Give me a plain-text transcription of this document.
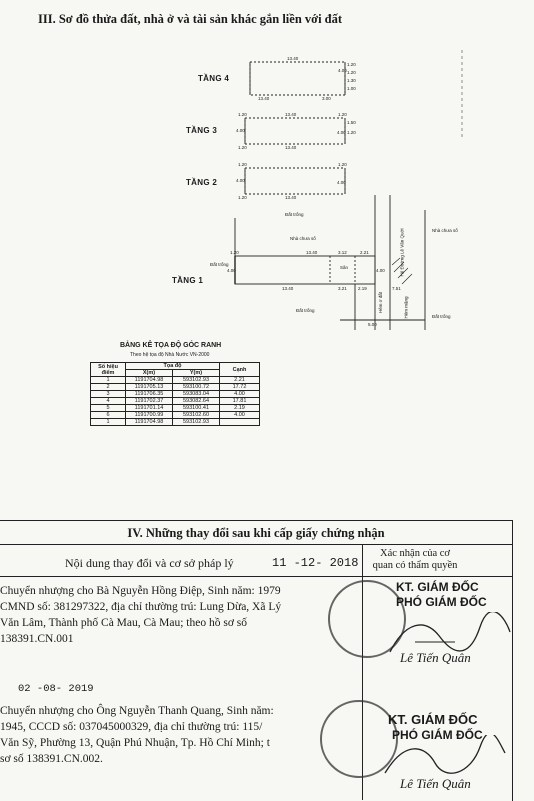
III. Sơ đồ thửa đất, nhà ở và tài sản khác gắn liền với đất
TẦNG 4
TẦNG 3
TẦNG 2
TẦNG 1
13.40
13.40	3.00
4.00
1.20
1.20
1.30
1.00
13.40	1.20
13.40
1.20
1.20
4.00	4.00
1.50
1.20
1.20
13.40
1.20
1.20
4.00	4.00
Đất trống
Nhà chưa số
Nhà chưa số
Đất trống
Đất trống
Đất trống
13.40	3.12	2.21
13.40	3.21 2.19
1.20
4.00	4.00
7.51
5.00
Sân
Hẻm ơ đất
Hẻ Đường Lê Văn Quới
Hẻm mặng
BẢNG KÊ TỌA ĐỘ GÓC RANH
Theo hệ tọa độ Nhà Nước VN-2000
Số hiệu điểm	Tọa độ		Cạnh
	X(m)	Y(m)	
1	1191704.98	593102.93	2.21
2	1191705.13	593100.72	17.72
3	1191706.35	593083.04	4.00
4	1191702.37	593082.64	17.81
5	1191701.14	593100.41	2.19
6	1191700.99	593102.60	4.00
1	1191704.98	593102.93	
IV. Những thay đổi sau khi cấp giấy chứng nhận
Nội dung thay đổi và cơ sở pháp lý	11 -12- 2018
Xác nhận của cơ quan có thẩm quyền
Chuyển nhượng cho Bà Nguyễn Hồng Điệp, Sinh năm: 1979
CMND số: 381297322, địa chỉ thường trú: Lung Dừa, Xã Lý
Văn Lâm, Thành phố Cà Mau, Cà Mau; theo hồ sơ số
138391.CN.001
02 -08- 2019
Chuyển nhượng cho Ông Nguyễn Thanh Quang, Sinh năm:
1945, CCCD số: 037045000329, địa chỉ thường trú: 115/
Văn Sỹ, Phường 13, Quận Phú Nhuận, Tp. Hồ Chí Minh; t
sơ số 138391.CN.002.
KT. GIÁM ĐỐC
PHÓ GIÁM ĐỐC
Lê Tiến Quân
KT. GIÁM ĐỐC
PHÓ GIÁM ĐỐC
Lê Tiến Quân
